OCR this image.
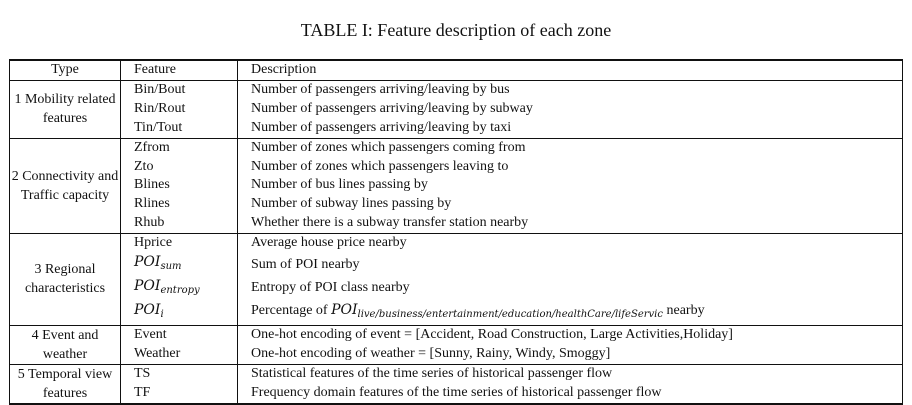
TABLE I: Feature description of each zone
Type	Feature	Description
1 Mobility related features	Bin/Bout	Number of passengers arriving/leaving by bus
	Rin/Rout	Number of passengers arriving/leaving by subway
	Tin/Tout	Number of passengers arriving/leaving by taxi
2 Connectivity and Traffic capacity	Zfrom	Number of zones which passengers coming from
	Zto	Number of zones which passengers leaving to
	Blines	Number of bus lines passing by
	Rlines	Number of subway lines passing by
	Rhub	Whether there is a subway transfer station nearby
3 Regional characteristics	Hprice	Average house price nearby
	$POI_{sum}$	Sum of POI nearby
	$POI_{entropy}$	Entropy of POI class nearby
	$POI_i$	Percentage of $POI_{live/business/entertainment/education/healthCare/lifeServic}$ nearby
4 Event and weather	Event	One-hot encoding of event = [Accident, Road Construction, Large Activities,Holiday]
	Weather	One-hot encoding of weather = [Sunny, Rainy, Windy, Smoggy]
5 Temporal view features	TS	Statistical features of the time series of historical passenger flow
	TF	Frequency domain features of the time series of historical passenger flow
